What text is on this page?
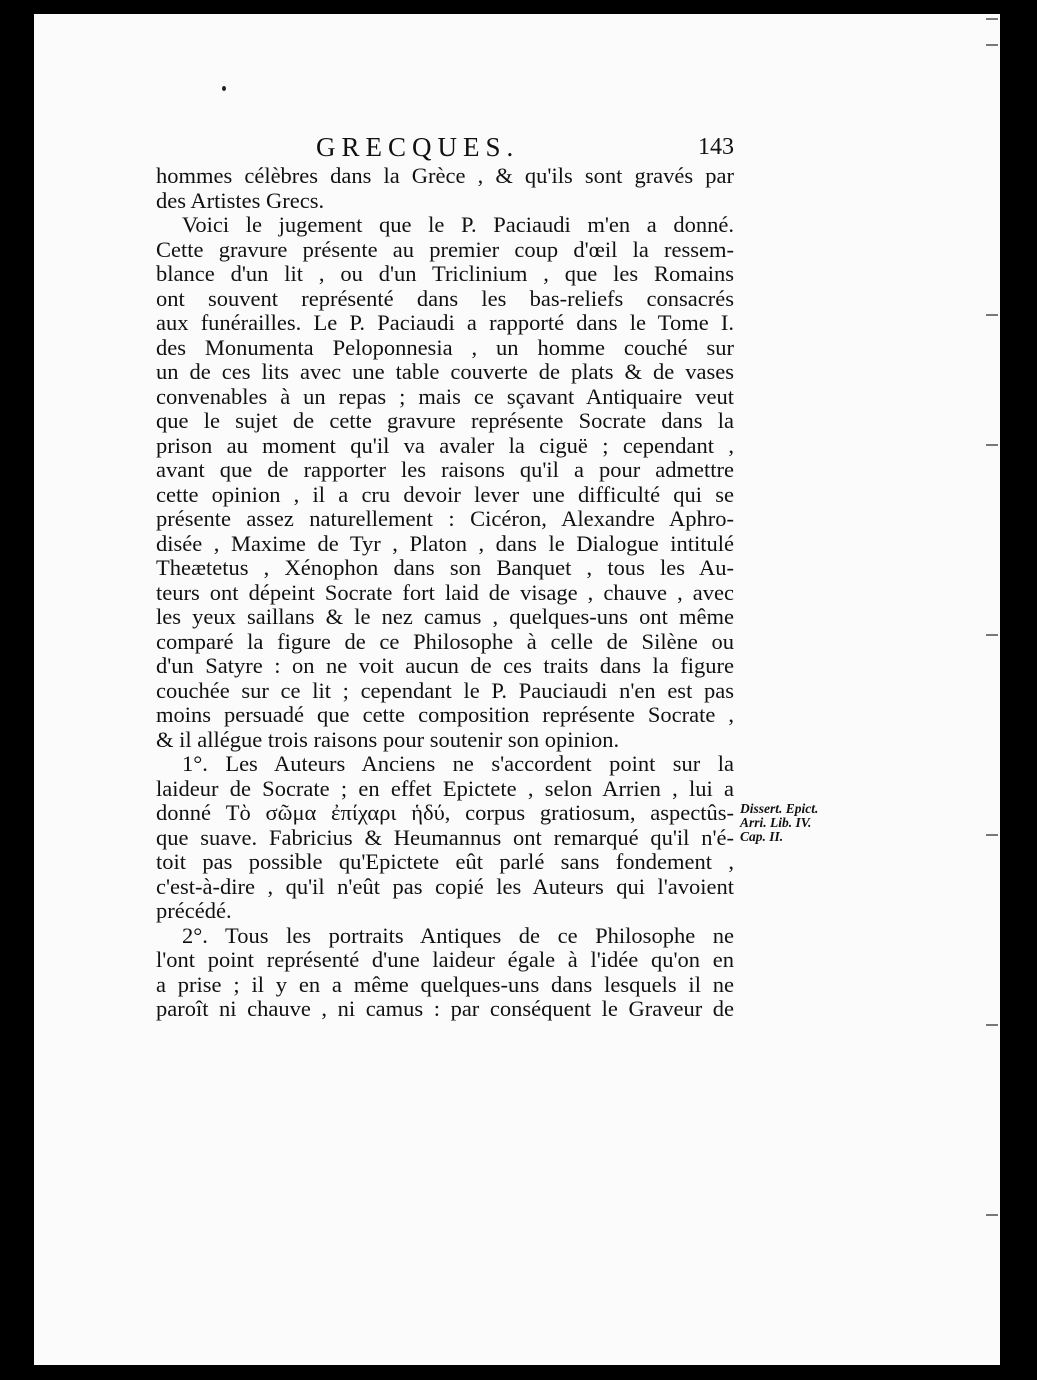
GRECQUES.	143
hommes célèbres dans la Grèce , & qu'ils sont gravés par
des Artistes Grecs.
Voici le jugement que le P. Paciaudi m'en a donné.
Cette gravure présente au premier coup d'œil la ressem-
blance d'un lit , ou d'un Triclinium , que les Romains
ont souvent représenté dans les bas-reliefs consacrés
aux funérailles. Le P. Paciaudi a rapporté dans le Tome I.
des Monumenta Peloponnesia , un homme couché sur
un de ces lits avec une table couverte de plats & de vases
convenables à un repas ; mais ce sçavant Antiquaire veut
que le sujet de cette gravure représente Socrate dans la
prison au moment qu'il va avaler la ciguë ; cependant ,
avant que de rapporter les raisons qu'il a pour admettre
cette opinion , il a cru devoir lever une difficulté qui se
présente assez naturellement : Cicéron, Alexandre Aphro-
disée , Maxime de Tyr , Platon , dans le Dialogue intitulé
Theætetus , Xénophon dans son Banquet , tous les Au-
teurs ont dépeint Socrate fort laid de visage , chauve , avec
les yeux saillans & le nez camus , quelques-uns ont même
comparé la figure de ce Philosophe à celle de Silène ou
d'un Satyre : on ne voit aucun de ces traits dans la figure
couchée sur ce lit ; cependant le P. Pauciaudi n'en est pas
moins persuadé que cette composition représente Socrate ,
& il allégue trois raisons pour soutenir son opinion.
1°. Les Auteurs Anciens ne s'accordent point sur la
laideur de Socrate ; en effet Epictete , selon Arrien , lui a
donné Τὸ σῶμα ἐπίχαρι ἡδύ, corpus gratiosum, aspectûs-
que suave. Fabricius & Heumannus ont remarqué qu'il n'é-
toit pas possible qu'Epictete eût parlé sans fondement ,
c'est-à-dire , qu'il n'eût pas copié les Auteurs qui l'avoient
précédé.
2°. Tous les portraits Antiques de ce Philosophe ne
l'ont point représenté d'une laideur égale à l'idée qu'on en
a prise ; il y en a même quelques-uns dans lesquels il ne
paroît ni chauve , ni camus : par conséquent le Graveur de
Dissert. Epict.
Arri. Lib. IV.
Cap. II.
